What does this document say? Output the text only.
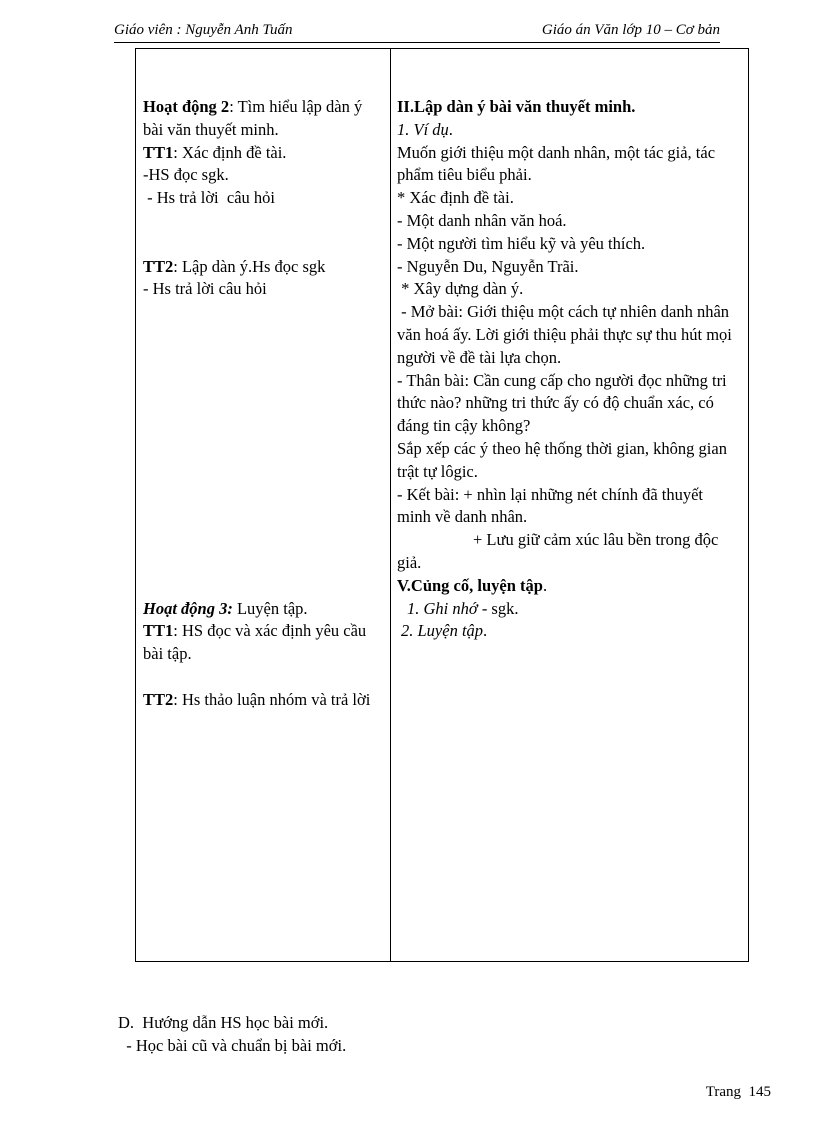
Giáo viên : Nguyễn Anh Tuấn	Giáo án Văn lớp 10 – Cơ bản
Hoạt động 2: Tìm hiểu lập dàn ý bài văn thuyết minh.
TT1: Xác định đề tài.
-HS đọc sgk.
- Hs trả lời  câu hỏi
TT2: Lập dàn ý.Hs đọc sgk
- Hs trả lời câu hỏi
Hoạt động 3: Luyện tập.
TT1: HS đọc và xác định yêu cầu bài tập.
TT2: Hs thảo luận nhóm và trả lời
II.Lập dàn ý bài văn thuyết minh.
1. Ví dụ.
Muốn giới thiệu một danh nhân, một tác giả, tác phẩm tiêu biểu phải.
* Xác định đề tài.
- Một danh nhân văn hoá.
- Một người tìm hiểu kỹ và yêu thích.
- Nguyễn Du, Nguyễn Trãi.
* Xây dựng dàn ý.
- Mở bài: Giới thiệu một cách tự nhiên danh nhân văn hoá ấy. Lời giới thiệu phải thực sự thu hút mọi người về đề tài lựa chọn.
- Thân bài: Cần cung cấp cho người đọc những tri thức nào? những tri thức ấy có độ chuẩn xác, có đáng tin cậy không?
Sắp xếp các ý theo hệ thống thời gian, không gian trật tự lôgic.
- Kết bài: + nhìn lại những nét chính đã thuyết minh về danh nhân.
+ Lưu giữ cảm xúc lâu bền trong độc giả.
V.Củng cố, luyện tập.
1. Ghi nhớ - sgk.
2. Luyện tập.
D.  Hướng dẫn HS học bài mới.
- Học bài cũ và chuẩn bị bài mới.
Trang  145
